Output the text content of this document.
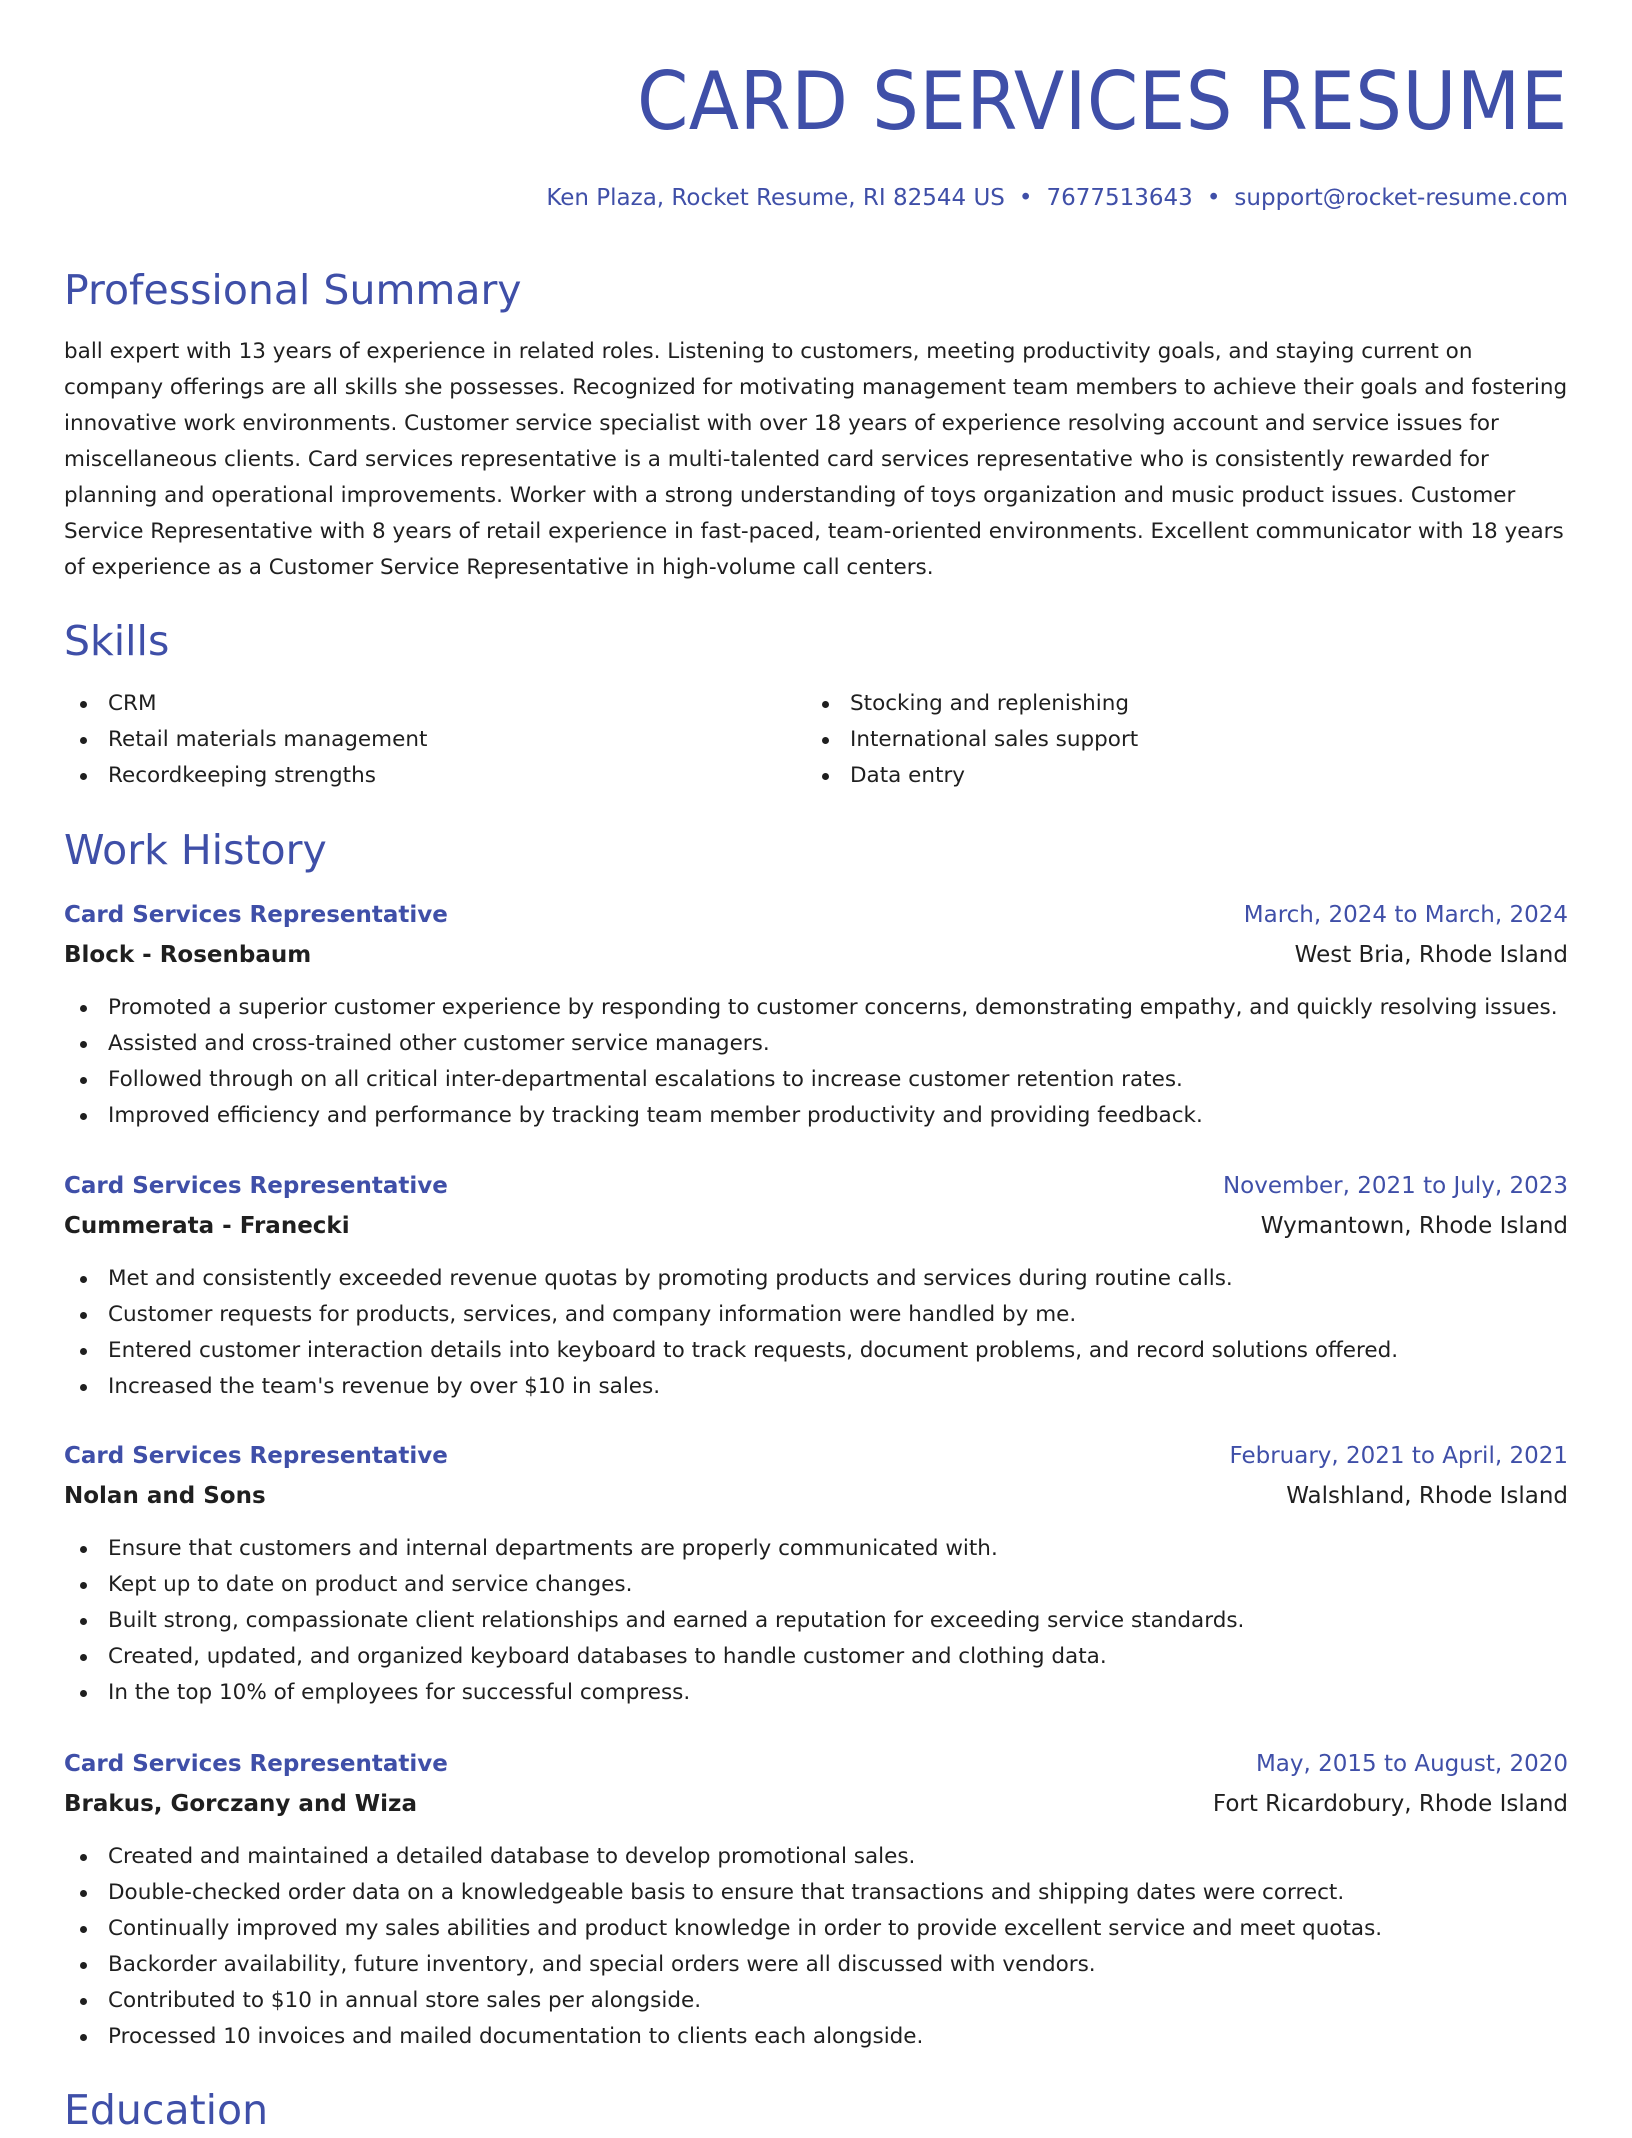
CARD SERVICES RESUME
Ken Plaza, Rocket Resume, RI 82544 US • 7677513643 • support@rocket-resume.com
Professional Summary
ball expert with 13 years of experience in related roles. Listening to customers, meeting productivity goals, and staying current on company offerings are all skills she possesses. Recognized for motivating management team members to achieve their goals and fostering innovative work environments. Customer service specialist with over 18 years of experience resolving account and service issues for miscellaneous clients. Card services representative is a multi-talented card services representative who is consistently rewarded for planning and operational improvements. Worker with a strong understanding of toys organization and music product issues. Customer Service Representative with 8 years of retail experience in fast-paced, team-oriented environments. Excellent communicator with 18 years of experience as a Customer Service Representative in high-volume call centers.
Skills
CRM
Retail materials management
Recordkeeping strengths
Stocking and replenishing
International sales support
Data entry
Work History
Card Services Representative	March, 2024 to March, 2024
Block - Rosenbaum	West Bria, Rhode Island
Promoted a superior customer experience by responding to customer concerns, demonstrating empathy, and quickly resolving issues.
Assisted and cross-trained other customer service managers.
Followed through on all critical inter-departmental escalations to increase customer retention rates.
Improved efficiency and performance by tracking team member productivity and providing feedback.
Card Services Representative	November, 2021 to July, 2023
Cummerata - Franecki	Wymantown, Rhode Island
Met and consistently exceeded revenue quotas by promoting products and services during routine calls.
Customer requests for products, services, and company information were handled by me.
Entered customer interaction details into keyboard to track requests, document problems, and record solutions offered.
Increased the team's revenue by over $10 in sales.
Card Services Representative	February, 2021 to April, 2021
Nolan and Sons	Walshland, Rhode Island
Ensure that customers and internal departments are properly communicated with.
Kept up to date on product and service changes.
Built strong, compassionate client relationships and earned a reputation for exceeding service standards.
Created, updated, and organized keyboard databases to handle customer and clothing data.
In the top 10% of employees for successful compress.
Card Services Representative	May, 2015 to August, 2020
Brakus, Gorczany and Wiza	Fort Ricardobury, Rhode Island
Created and maintained a detailed database to develop promotional sales.
Double-checked order data on a knowledgeable basis to ensure that transactions and shipping dates were correct.
Continually improved my sales abilities and product knowledge in order to provide excellent service and meet quotas.
Backorder availability, future inventory, and special orders were all discussed with vendors.
Contributed to $10 in annual store sales per alongside.
Processed 10 invoices and mailed documentation to clients each alongside.
Education
